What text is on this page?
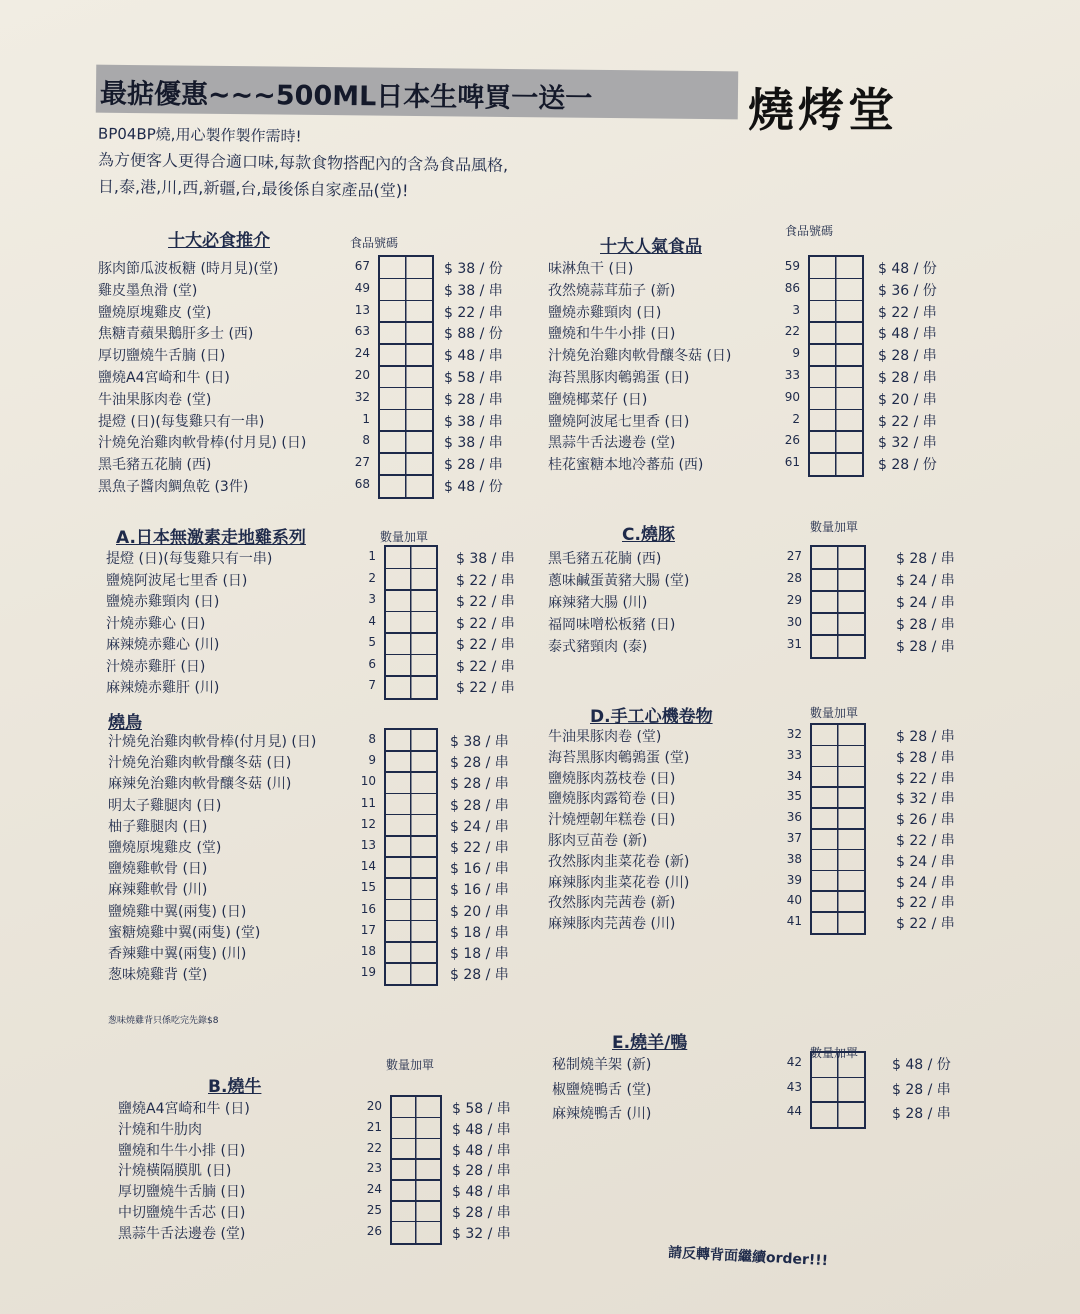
最掂優惠~~~500ML日本生啤買一送一	燒烤堂
BP04BP燒,用心製作製作需時!
為方便客人更得合適口味,每款食物搭配內的含為食品風格,
日,泰,港,川,西,新疆,台,最後係自家產品(堂)!
十大必食推介	食品號碼
豚肉節瓜波板糖 (時月見)(堂)	67	$ 38 / 份
雞皮墨魚滑 (堂)	49	$ 38 / 串
鹽燒原塊雞皮 (堂)	13	$ 22 / 串
焦糖青蘋果鵝肝多士 (西)	63	$ 88 / 份
厚切鹽燒牛舌腩 (日)	24	$ 48 / 串
鹽燒A4宮崎和牛 (日)	20	$ 58 / 串
牛油果豚肉卷 (堂)	32	$ 28 / 串
提燈 (日)(每隻雞只有一串)	1	$ 38 / 串
汁燒免治雞肉軟骨棒(付月見) (日)	8	$ 38 / 串
黑毛豬五花腩 (西)	27	$ 28 / 串
黑魚子醬肉鯛魚乾 (3件)	68	$ 48 / 份
十大人氣食品
食品號碼
味淋魚干 (日)	59	$ 48 / 份
孜然燒蒜茸茄子 (新)	86	$ 36 / 份
鹽燒赤雞頸肉 (日)	3	$ 22 / 串
鹽燒和牛牛小排 (日)	22	$ 48 / 串
汁燒免治雞肉軟骨釀冬菇 (日)	9	$ 28 / 串
海苔黑豚肉鵪鶉蛋 (日)	33	$ 28 / 串
鹽燒椰菜仔 (日)	90	$ 20 / 串
鹽燒阿波尾七里香 (日)	2	$ 22 / 串
黑蒜牛舌法邊卷 (堂)	26	$ 32 / 串
桂花蜜糖本地冷蕃茄 (西)	61	$ 28 / 份
A.日本無激素走地雞系列	數量加單
提燈 (日)(每隻雞只有一串)	1	$ 38 / 串
鹽燒阿波尾七里香 (日)	2	$ 22 / 串
鹽燒赤雞頸肉 (日)	3	$ 22 / 串
汁燒赤雞心 (日)	4	$ 22 / 串
麻辣燒赤雞心 (川)	5	$ 22 / 串
汁燒赤雞肝 (日)	6	$ 22 / 串
麻辣燒赤雞肝 (川)	7	$ 22 / 串
燒鳥
汁燒免治雞肉軟骨棒(付月見) (日)	8	$ 38 / 串
汁燒免治雞肉軟骨釀冬菇 (日)	9	$ 28 / 串
麻辣免治雞肉軟骨釀冬菇 (川)	10	$ 28 / 串
明太子雞腿肉 (日)	11	$ 28 / 串
柚子雞腿肉 (日)	12	$ 24 / 串
鹽燒原塊雞皮 (堂)	13	$ 22 / 串
鹽燒雞軟骨 (日)	14	$ 16 / 串
麻辣雞軟骨 (川)	15	$ 16 / 串
鹽燒雞中翼(兩隻) (日)	16	$ 20 / 串
蜜糖燒雞中翼(兩隻) (堂)	17	$ 18 / 串
香辣雞中翼(兩隻) (川)	18	$ 18 / 串
葱味燒雞背 (堂)	19	$ 28 / 串
葱味燒雞背只係吃完先錄$8
B.燒牛
數量加單
鹽燒A4宮崎和牛 (日)	20	$ 58 / 串
汁燒和牛肋肉	21	$ 48 / 串
鹽燒和牛牛小排 (日)	22	$ 48 / 串
汁燒橫隔膜肌 (日)	23	$ 28 / 串
厚切鹽燒牛舌腩 (日)	24	$ 48 / 串
中切鹽燒牛舌芯 (日)	25	$ 28 / 串
黑蒜牛舌法邊卷 (堂)	26	$ 32 / 串
C.燒豚	數量加單
黑毛豬五花腩 (西)	27	$ 28 / 串
蔥味鹹蛋黃豬大腸 (堂)	28	$ 24 / 串
麻辣豬大腸 (川)	29	$ 24 / 串
福岡味噌松板豬 (日)	30	$ 28 / 串
泰式豬頸肉 (泰)	31	$ 28 / 串
D.手工心機卷物	數量加單
牛油果豚肉卷 (堂)	32	$ 28 / 串
海苔黑豚肉鵪鶉蛋 (堂)	33	$ 28 / 串
鹽燒豚肉荔枝卷 (日)	34	$ 22 / 串
鹽燒豚肉露筍卷 (日)	35	$ 32 / 串
汁燒煙韌年糕卷 (日)	36	$ 26 / 串
豚肉豆苗卷 (新)	37	$ 22 / 串
孜然豚肉韭菜花卷 (新)	38	$ 24 / 串
麻辣豚肉韭菜花卷 (川)	39	$ 24 / 串
孜然豚肉芫茜卷 (新)	40	$ 22 / 串
麻辣豚肉芫茜卷 (川)	41	$ 22 / 串
E.燒羊/鴨
秘制燒羊架 (新)	42	$ 48 / 份
椒鹽燒鴨舌 (堂)	43	$ 28 / 串
麻辣燒鴨舌 (川)	44	$ 28 / 串
請反轉背面繼續order!!!
